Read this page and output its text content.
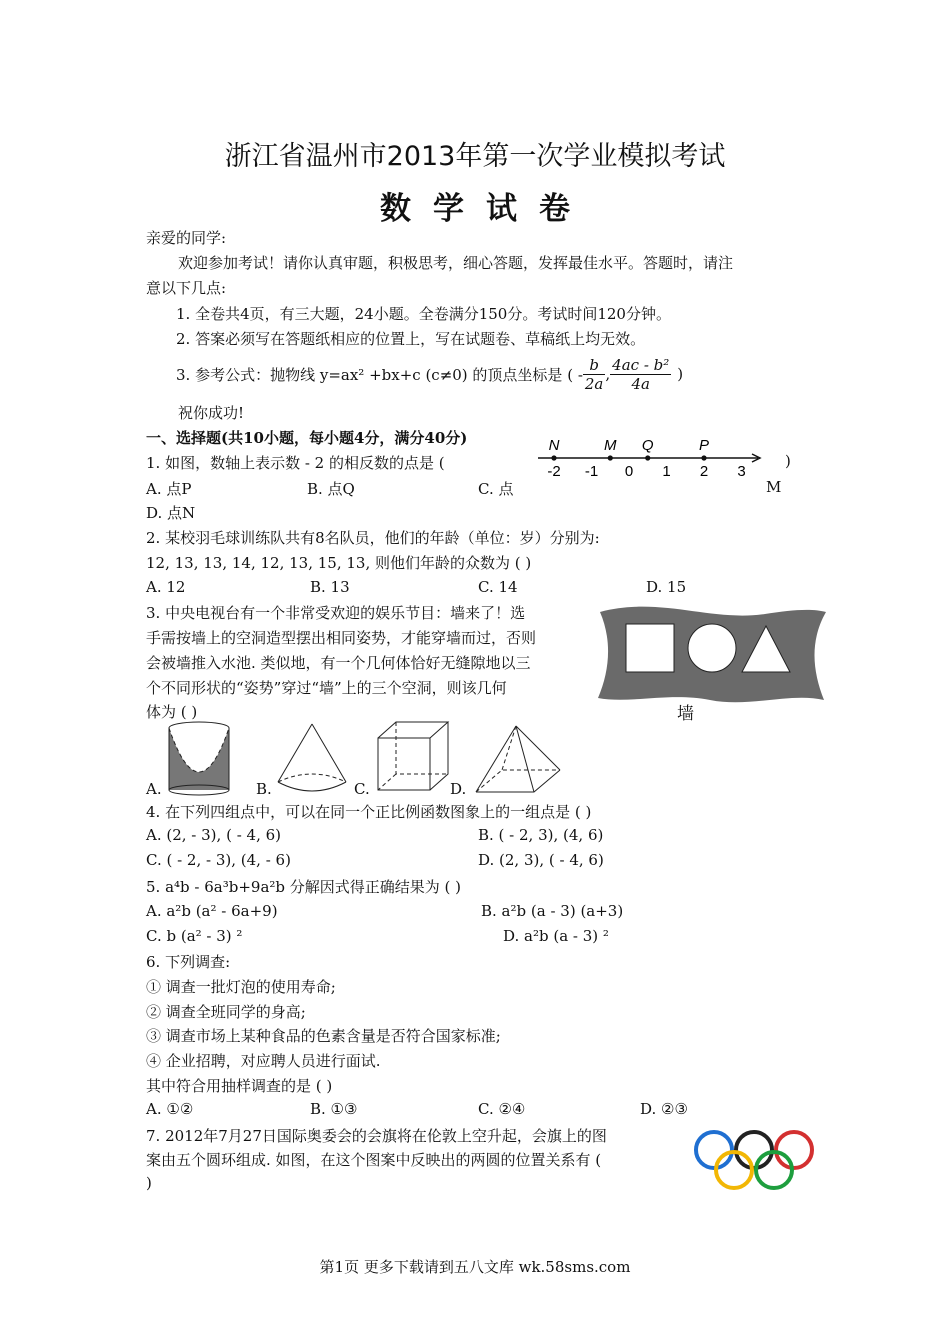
浙江省温州市2013年第一次学业模拟考试
数学试卷
亲爱的同学:
欢迎参加考试！请你认真审题，积极思考，细心答题，发挥最佳水平。答题时，请注
意以下几点:
1. 全卷共4页，有三大题，24小题。全卷满分150分。考试时间120分钟。
2. 答案必须写在答题纸相应的位置上，写在试题卷、草稿纸上均无效。
3. 参考公式：抛物线 y=ax² +bx+c (c≠0) 的顶点坐标是 ( - $\frac{b}{2a}$ , $\frac{\text{4ac - b²}}{4a}$ )
祝你成功!
一、选择题(共10小题，每小题4分，满分40分)
1. 如图，数轴上表示数 - 2 的相反数的点是 (	)
-2 -1 0 1 2 3
N	M Q	P
A. 点P	B. 点Q	C. 点	M
D. 点N
2. 某校羽毛球训练队共有8名队员，他们的年龄（单位：岁）分别为:
12, 13, 13, 14, 12, 13, 15, 13, 则他们年龄的众数为 ( )
A. 12	B. 13	C. 14	D. 15
3. 中央电视台有一个非常受欢迎的娱乐节目：墙来了！选
手需按墙上的空洞造型摆出相同姿势，才能穿墙而过，否则
会被墙推入水池. 类似地，有一个几何体恰好无缝隙地以三
个不同形状的“姿势”穿过“墙”上的三个空洞，则该几何
体为 ( )	墙
A.	B.	C.	D.
4. 在下列四组点中，可以在同一个正比例函数图象上的一组点是 ( )
A. (2, - 3), ( - 4, 6)	B. ( - 2, 3), (4, 6)
C. ( - 2, - 3), (4, - 6)	D. (2, 3), ( - 4, 6)
5. a⁴b - 6a³b+9a²b 分解因式得正确结果为 ( )
A. a²b (a² - 6a+9)	B. a²b (a - 3) (a+3)
C. b (a² - 3) ²	D. a²b (a - 3) ²
6. 下列调查:
① 调查一批灯泡的使用寿命;
② 调查全班同学的身高;
③ 调查市场上某种食品的色素含量是否符合国家标准;
④ 企业招聘，对应聘人员进行面试.
其中符合用抽样调查的是 ( )
A. ①②	B. ①③	C. ②④	D. ②③
7. 2012年7月27日国际奥委会的会旗将在伦敦上空升起，会旗上的图
案由五个圆环组成. 如图，在这个图案中反映出的两圆的位置关系有 (
)
第1页 更多下载请到五八文库 wk.58sms.com
